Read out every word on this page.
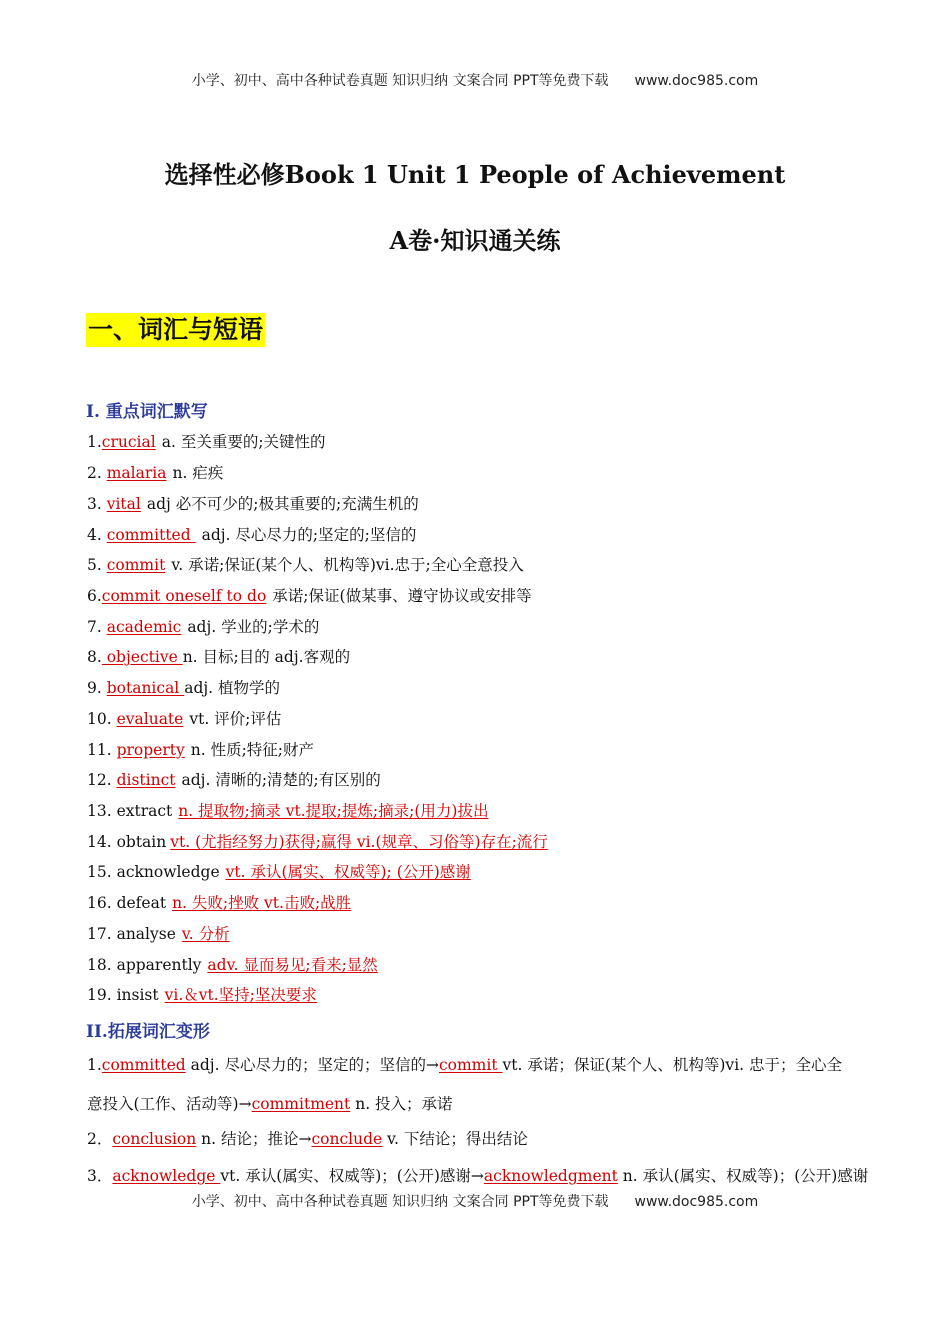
小学、初中、高中各种试卷真题 知识归纳 文案合同 PPT等免费下载 www.doc985.com
选择性必修Book 1 Unit 1 People of Achievement
A卷·知识通关练
一、词汇与短语
I. 重点词汇默写
1.crucial a. 至关重要的;关键性的
2. malaria n. 疟疾
3. vital adj 必不可少的;极其重要的;充满生机的
4. committed adj. 尽心尽力的;坚定的;坚信的
5. commit v. 承诺;保证(某个人、机构等)vi.忠于;全心全意投入
6.commit oneself to do 承诺;保证(做某事、遵守协议或安排等
7. academic adj. 学业的;学术的
8. objective n. 目标;目的 adj.客观的
9. botanical adj. 植物学的
10. evaluate vt. 评价;评估
11. property n. 性质;特征;财产
12. distinct adj. 清晰的;清楚的;有区别的
13. extract n. 提取物;摘录 vt.提取;提炼;摘录;(用力)拔出
14. obtain vt. (尤指经努力)获得;赢得 vi.(规章、习俗等)存在;流行
15. acknowledge vt. 承认(属实、权威等); (公开)感谢
16. defeat n. 失败;挫败 vt.击败;战胜
17. analyse v. 分析
18. apparently adv. 显而易见;看来;显然
19. insist vi.＆vt.坚持;坚决要求
II.拓展词汇变形
1.committed adj. 尽心尽力的；坚定的；坚信的→commit vt. 承诺；保证(某个人、机构等)vi. 忠于；全心全
意投入(工作、活动等)→commitment n. 投入；承诺
2．conclusion n. 结论；推论→conclude v. 下结论；得出结论
3．acknowledge vt. 承认(属实、权威等)；(公开)感谢→acknowledgment n. 承认(属实、权威等)；(公开)感谢
小学、初中、高中各种试卷真题 知识归纳 文案合同 PPT等免费下载 www.doc985.com
